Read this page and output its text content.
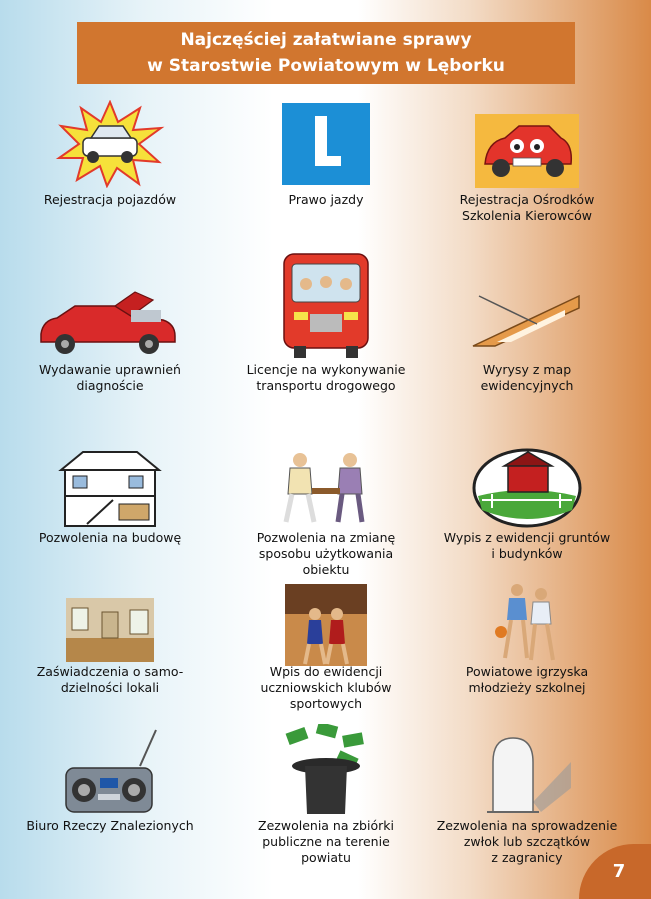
Najczęściej załatwiane sprawy
w Starostwie Powiatowym w Lęborku
Rejestracja pojazdów	Prawo jazdy	Rejestracja Ośrodków
Szkolenia Kierowców
Wydawanie uprawnień
diagnoście
Licencje na wykonywanie
transportu drogowego
Wyrysy z map
ewidencyjnych
Pozwolenia na budowę	Pozwolenia na zmianę
sposobu użytkowania
obiektu
Wypis z ewidencji gruntów
i budynków
Zaświadczenia o samo-
dzielności lokali
Wpis do ewidencji
uczniowskich klubów
sportowych
Powiatowe igrzyska
młodzieży szkolnej
Biuro Rzeczy Znalezionych	Zezwolenia na zbiórki
publiczne na terenie
powiatu
Zezwolenia na sprowadzenie
zwłok lub szczątków
z zagranicy
7
